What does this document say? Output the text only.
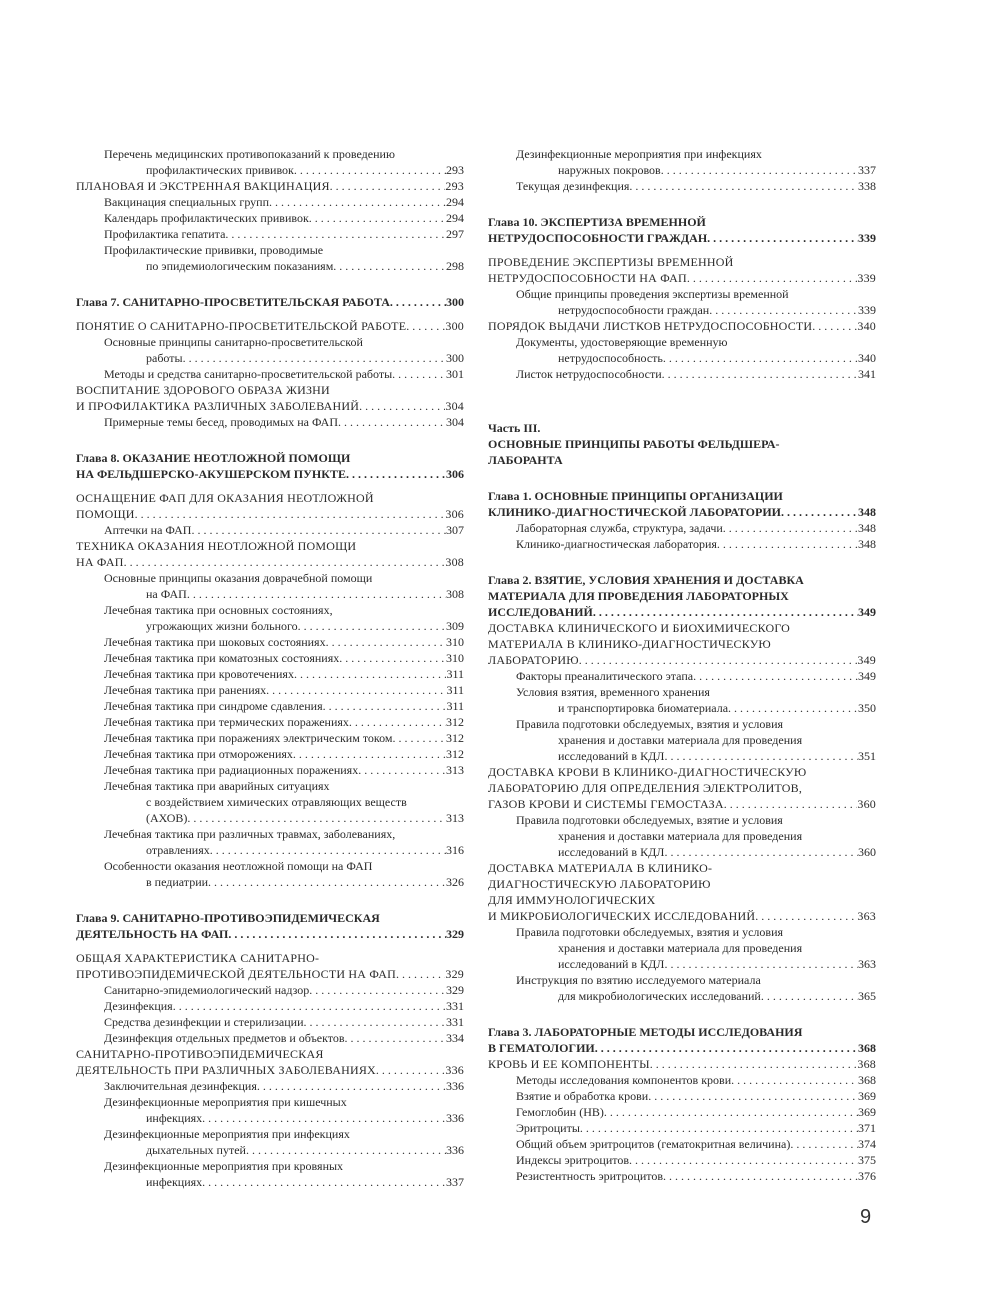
Перечень медицинских противопоказаний к проведению
профилактических прививок . . .	293
ПЛАНОВАЯ И ЭКСТРЕННАЯ ВАКЦИНАЦИЯ . . .	293
Вакцинация специальных групп . . .	294
Календарь профилактических прививок . . .	294
Профилактика гепатита . . .	297
Профилактические прививки, проводимые
по эпидемиологическим показаниям . . .	298
Глава 7. САНИТАРНО-ПРОСВЕТИТЕЛЬСКАЯ РАБОТА . . .	300
ПОНЯТИЕ О САНИТАРНО-ПРОСВЕТИТЕЛЬСКОЙ РАБОТЕ . . .	300
Основные принципы санитарно-просветительской
работы . . .	300
Методы и средства санитарно-просветительской работы . . .	301
ВОСПИТАНИЕ ЗДОРОВОГО ОБРАЗА ЖИЗНИ
И ПРОФИЛАКТИКА РАЗЛИЧНЫХ ЗАБОЛЕВАНИЙ . . .	304
Примерные темы бесед, проводимых на ФАП . . .	304
Глава 8. ОКАЗАНИЕ НЕОТЛОЖНОЙ ПОМОЩИ
НА ФЕЛЬДШЕРСКО-АКУШЕРСКОМ ПУНКТЕ . . .	306
ОСНАЩЕНИЕ ФАП ДЛЯ ОКАЗАНИЯ НЕОТЛОЖНОЙ
ПОМОЩИ . . .	306
Аптечки на ФАП . . .	307
ТЕХНИКА ОКАЗАНИЯ НЕОТЛОЖНОЙ ПОМОЩИ
НА ФАП . . .	308
Основные принципы оказания доврачебной помощи
на ФАП . . .	308
Лечебная тактика при основных состояниях,
угрожающих жизни больного . . .	309
Лечебная тактика при шоковых состояниях . . .	310
Лечебная тактика при коматозных состояниях . . .	310
Лечебная тактика при кровотечениях . . .	311
Лечебная тактика при ранениях . . .	311
Лечебная тактика при синдроме сдавления . . .	311
Лечебная тактика при термических поражениях . . .	312
Лечебная тактика при поражениях электрическим током . . .	312
Лечебная тактика при отморожениях . . .	312
Лечебная тактика при радиационных поражениях . . .	313
Лечебная тактика при аварийных ситуациях
с воздействием химических отравляющих веществ
(АХОВ) . . .	313
Лечебная тактика при различных травмах, заболеваниях,
отравлениях . . .	316
Особенности оказания неотложной помощи на ФАП
в педиатрии . . .	326
Глава 9. САНИТАРНО-ПРОТИВОЭПИДЕМИЧЕСКАЯ
ДЕЯТЕЛЬНОСТЬ НА ФАП . . .	329
ОБЩАЯ ХАРАКТЕРИСТИКА САНИТАРНО-
ПРОТИВОЭПИДЕМИЧЕСКОЙ ДЕЯТЕЛЬНОСТИ НА ФАП . . .	329
Санитарно-эпидемиологический надзор . . .	329
Дезинфекция . . .	331
Средства дезинфекции и стерилизации . . .	331
Дезинфекция отдельных предметов и объектов . . .	334
САНИТАРНО-ПРОТИВОЭПИДЕМИЧЕСКАЯ
ДЕЯТЕЛЬНОСТЬ ПРИ РАЗЛИЧНЫХ ЗАБОЛЕВАНИЯХ . . .	336
Заключительная дезинфекция . . .	336
Дезинфекционные мероприятия при кишечных
инфекциях . . .	336
Дезинфекционные мероприятия при инфекциях
дыхательных путей . . .	336
Дезинфекционные мероприятия при кровяных
инфекциях . . .	337
Дезинфекционные мероприятия при инфекциях
наружных покровов . . .	337
Текущая дезинфекция . . .	338
Глава 10. ЭКСПЕРТИЗА ВРЕМЕННОЙ
НЕТРУДОСПОСОБНОСТИ ГРАЖДАН . . .	339
ПРОВЕДЕНИЕ ЭКСПЕРТИЗЫ ВРЕМЕННОЙ
НЕТРУДОСПОСОБНОСТИ НА ФАП . . .	339
Общие принципы проведения экспертизы временной
нетрудоспособности граждан . . .	339
ПОРЯДОК ВЫДАЧИ ЛИСТКОВ НЕТРУДОСПОСОБНОСТИ . . .	340
Документы, удостоверяющие временную
нетрудоспособность . . .	340
Листок нетрудоспособности . . .	341
Часть III.
ОСНОВНЫЕ ПРИНЦИПЫ РАБОТЫ ФЕЛЬДШЕРА-
ЛАБОРАНТА
Глава 1. ОСНОВНЫЕ ПРИНЦИПЫ ОРГАНИЗАЦИИ
КЛИНИКО-ДИАГНОСТИЧЕСКОЙ ЛАБОРАТОРИИ . . .	348
Лабораторная служба, структура, задачи . . .	348
Клинико-диагностическая лаборатория . . .	348
Глава 2. ВЗЯТИЕ, УСЛОВИЯ ХРАНЕНИЯ И ДОСТАВКА
МАТЕРИАЛА ДЛЯ ПРОВЕДЕНИЯ ЛАБОРАТОРНЫХ
ИССЛЕДОВАНИЙ . . .	349
ДОСТАВКА КЛИНИЧЕСКОГО И БИОХИМИЧЕСКОГО
МАТЕРИАЛА В КЛИНИКО-ДИАГНОСТИЧЕСКУЮ
ЛАБОРАТОРИЮ . . .	349
Факторы преаналитического этапа . . .	349
Условия взятия, временного хранения
и транспортировка биоматериала . . .	350
Правила подготовки обследуемых, взятия и условия
хранения и доставки материала для проведения
исследований в КДЛ . . .	351
ДОСТАВКА КРОВИ В КЛИНИКО-ДИАГНОСТИЧЕСКУЮ
ЛАБОРАТОРИЮ ДЛЯ ОПРЕДЕЛЕНИЯ ЭЛЕКТРОЛИТОВ,
ГАЗОВ КРОВИ И СИСТЕМЫ ГЕМОСТАЗА . . .	360
Правила подготовки обследуемых, взятие и условия
хранения и доставки материала для проведения
исследований в КДЛ . . .	360
ДОСТАВКА МАТЕРИАЛА В КЛИНИКО-
ДИАГНОСТИЧЕСКУЮ ЛАБОРАТОРИЮ
ДЛЯ ИММУНОЛОГИЧЕСКИХ
И МИКРОБИОЛОГИЧЕСКИХ ИССЛЕДОВАНИЙ . . .	363
Правила подготовки обследуемых, взятия и условия
хранения и доставки материала для проведения
исследований в КДЛ . . .	363
Инструкция по взятию исследуемого материала
для микробиологических исследований . . .	365
Глава 3. ЛАБОРАТОРНЫЕ МЕТОДЫ ИССЛЕДОВАНИЯ
В ГЕМАТОЛОГИИ . . .	368
КРОВЬ И ЕЕ КОМПОНЕНТЫ . . .	368
Методы исследования компонентов крови . . .	368
Взятие и обработка крови . . .	369
Гемоглобин (НВ) . . .	369
Эритроциты . . .	371
Общий объем эритроцитов (гематокритная величина) . . .	374
Индексы эритроцитов . . .	375
Резистентность эритроцитов . . .	376
9
